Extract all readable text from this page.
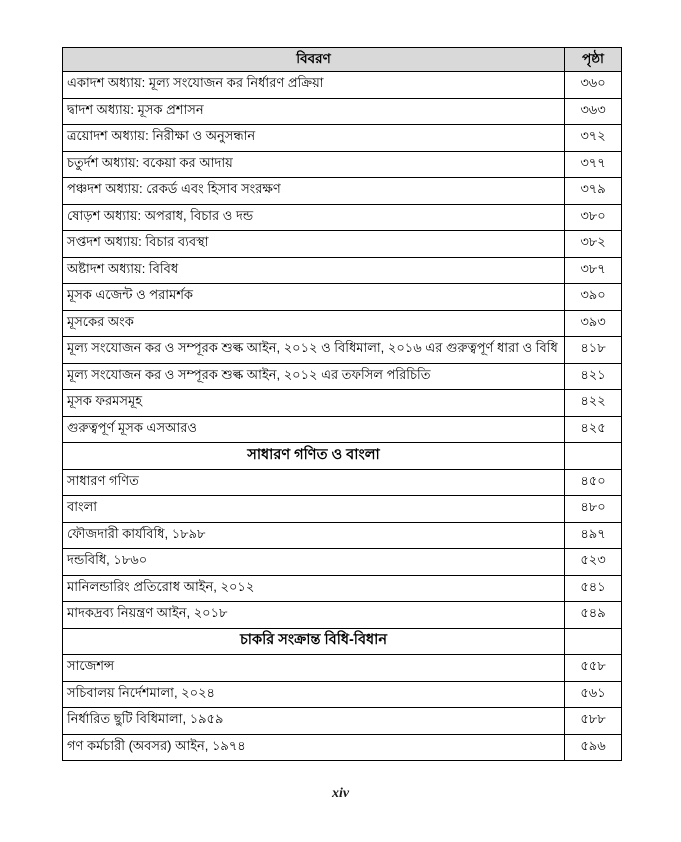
বিবরণ	পৃষ্ঠা
একাদশ অধ্যায়: মূল্য সংযোজন কর নির্ধারণ প্রক্রিয়া	৩৬০
দ্বাদশ অধ্যায়: মূসক প্রশাসন	৩৬৩
ত্রয়োদশ অধ্যায়: নিরীক্ষা ও অনুসন্ধান	৩৭২
চতুর্দশ অধ্যায়: বকেয়া কর আদায়	৩৭৭
পঞ্চদশ অধ্যায়: রেকর্ড এবং হিসাব সংরক্ষণ	৩৭৯
ষোড়শ অধ্যায়: অপরাধ, বিচার ও দন্ড	৩৮০
সপ্তদশ অধ্যায়: বিচার ব্যবস্থা	৩৮২
অষ্টাদশ অধ্যায়: বিবিধ	৩৮৭
মূসক এজেন্ট ও পরামর্শক	৩৯০
মূসকের অংক	৩৯৩
মূল্য সংযোজন কর ও সম্পূরক শুল্ক আইন, ২০১২ ও বিধিমালা, ২০১৬ এর গুরুত্বপূর্ণ ধারা ও বিধি	৪১৮
মূল্য সংযোজন কর ও সম্পূরক শুল্ক আইন, ২০১২ এর তফসিল পরিচিতি	৪২১
মূসক ফরমসমূহ	৪২২
গুরুত্বপূর্ণ মূসক এসআরও	৪২৫
সাধারণ গণিত ও বাংলা	
সাধারণ গণিত	৪৫০
বাংলা	৪৮০
ফৌজদারী কার্যবিধি, ১৮৯৮	৪৯৭
দন্ডবিধি, ১৮৬০	৫২৩
মানিলন্ডারিং প্রতিরোধ আইন, ২০১২	৫৪১
মাদকদ্রব্য নিয়ন্ত্রণ আইন, ২০১৮	৫৪৯
চাকরি সংক্রান্ত বিধি-বিধান	
সাজেশন্স	৫৫৮
সচিবালয় নির্দেশমালা, ২০২৪	৫৬১
নির্ধারিত ছুটি বিধিমালা, ১৯৫৯	৫৮৮
গণ কর্মচারী (অবসর) আইন, ১৯৭৪	৫৯৬
xiv
